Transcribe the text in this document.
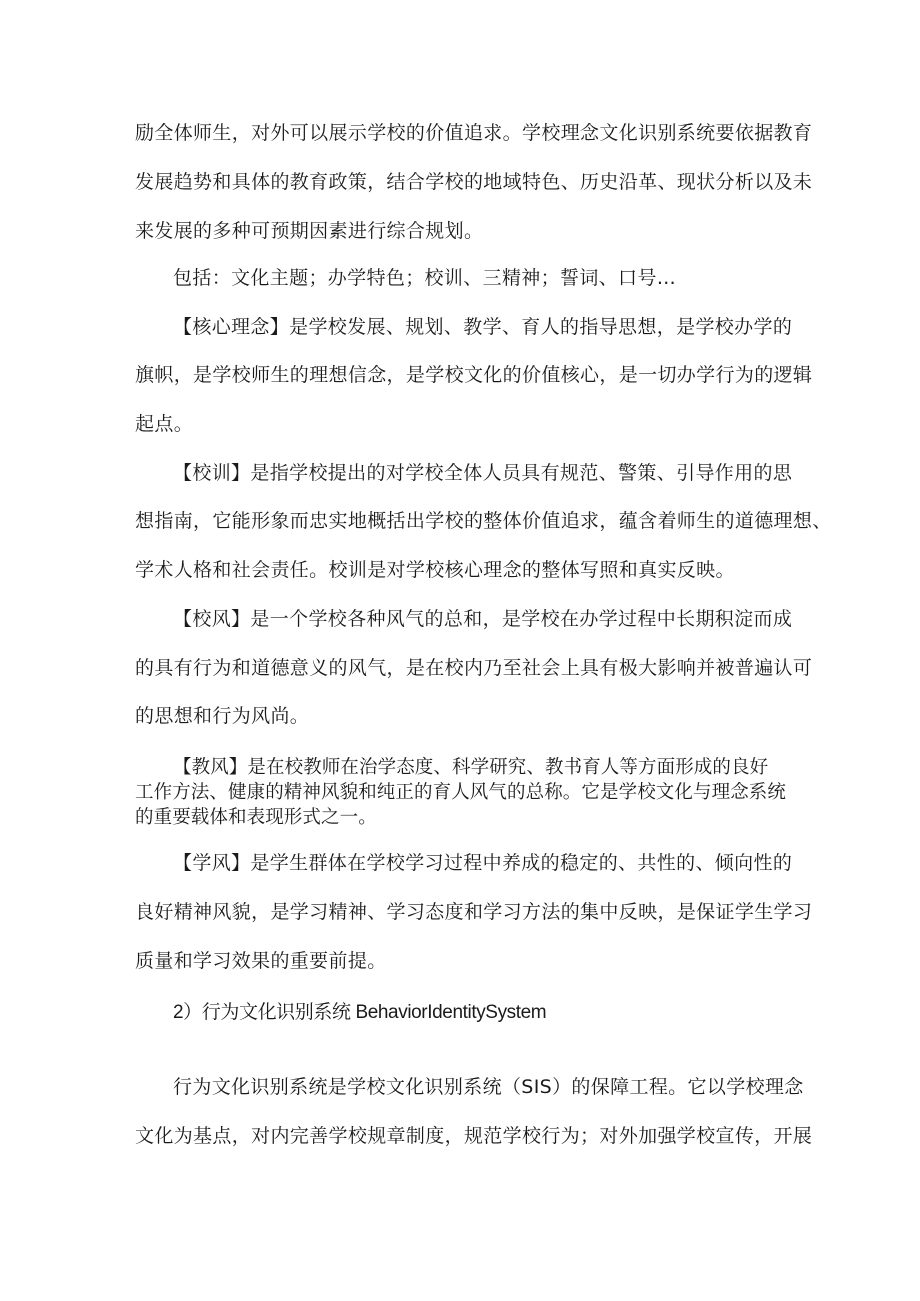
励全体师生，对外可以展示学校的价值追求。学校理念文化识别系统要依据教育
发展趋势和具体的教育政策，结合学校的地域特色、历史沿革、现状分析以及未
来发展的多种可预期因素进行综合规划。
包括：文化主题；办学特色；校训、三精神；誓词、口号…
【核心理念】是学校发展、规划、教学、育人的指导思想，是学校办学的
旗帜，是学校师生的理想信念，是学校文化的价值核心，是一切办学行为的逻辑
起点。
【校训】是指学校提出的对学校全体人员具有规范、警策、引导作用的思
想指南，它能形象而忠实地概括出学校的整体价值追求，蕴含着师生的道德理想、
学术人格和社会责任。校训是对学校核心理念的整体写照和真实反映。
【校风】是一个学校各种风气的总和，是学校在办学过程中长期积淀而成
的具有行为和道德意义的风气，是在校内乃至社会上具有极大影响并被普遍认可
的思想和行为风尚。
【教风】是在校教师在治学态度、科学研究、教书育人等方面形成的良好
工作方法、健康的精神风貌和纯正的育人风气的总称。它是学校文化与理念系统
的重要载体和表现形式之一。
【学风】是学生群体在学校学习过程中养成的稳定的、共性的、倾向性的
良好精神风貌，是学习精神、学习态度和学习方法的集中反映，是保证学生学习
质量和学习效果的重要前提。
2）行为文化识别系统 BehaviorIdentitySystem
行为文化识别系统是学校文化识别系统（SIS）的保障工程。它以学校理念
文化为基点，对内完善学校规章制度，规范学校行为；对外加强学校宣传，开展
